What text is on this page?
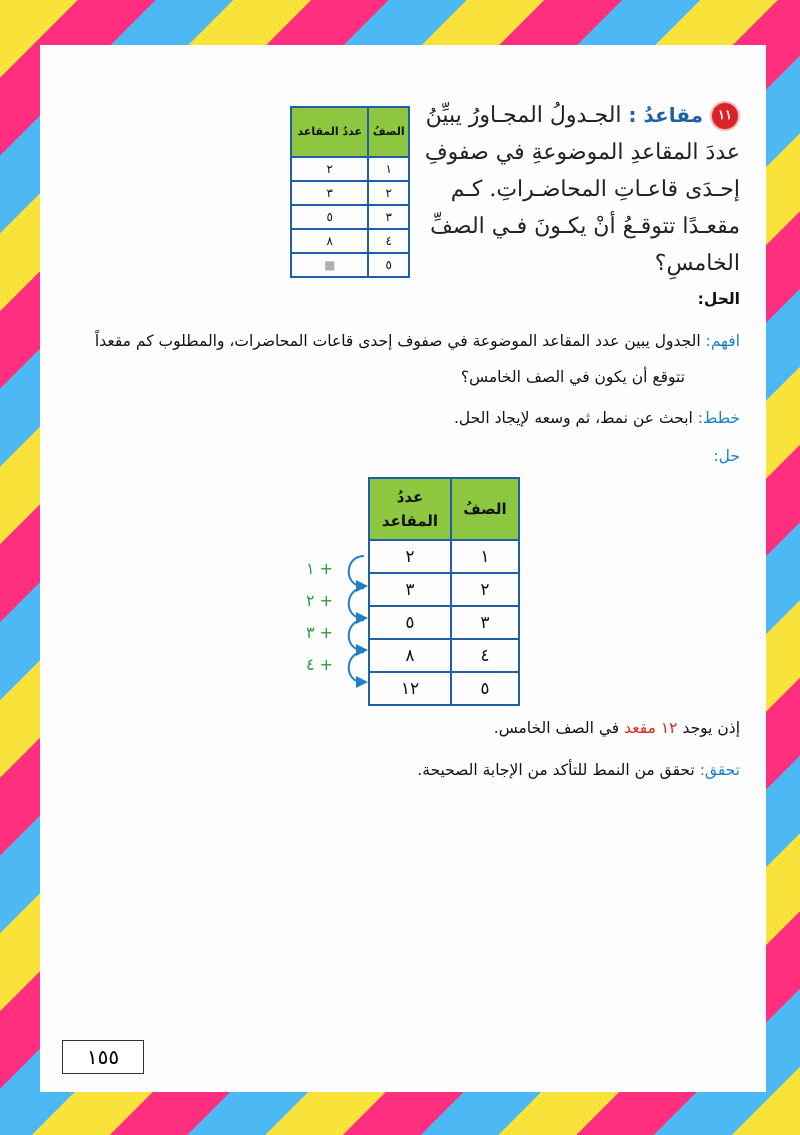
١١ مقاعدُ : الجـدولُ المجـاورُ يبيِّنُ
عددَ المقاعدِ الموضوعةِ في صفوفِ
إحـدَى قاعـاتِ المحاضـراتِ. كـم
مقعـدًا تتوقـعُ أنْ يكـونَ فـي الصفِّ
الخامسِ؟
الصفُ	عددُ المقاعد
١	٢
٢	٣
٣	٥
٤	٨
٥	■
الحل:
افهم: الجدول يبين عدد المقاعد الموضوعة في صفوف إحدى قاعات المحاضرات، والمطلوب كم مقعداً
تتوقع أن يكون في الصف الخامس؟
خطط: ابحث عن نمط، ثم وسعه لإيجاد الحل.
حل:
الصفُ	عددُ المقاعد
١	٢
٢	٣
٣	٥
٤	٨
٥	١٢
+ ١
+ ٢
+ ٣
+ ٤
إذن يوجد ١٢ مقعد في الصف الخامس.
تحقق: تحقق من النمط للتأكد من الإجابة الصحيحة.
١٥٥
